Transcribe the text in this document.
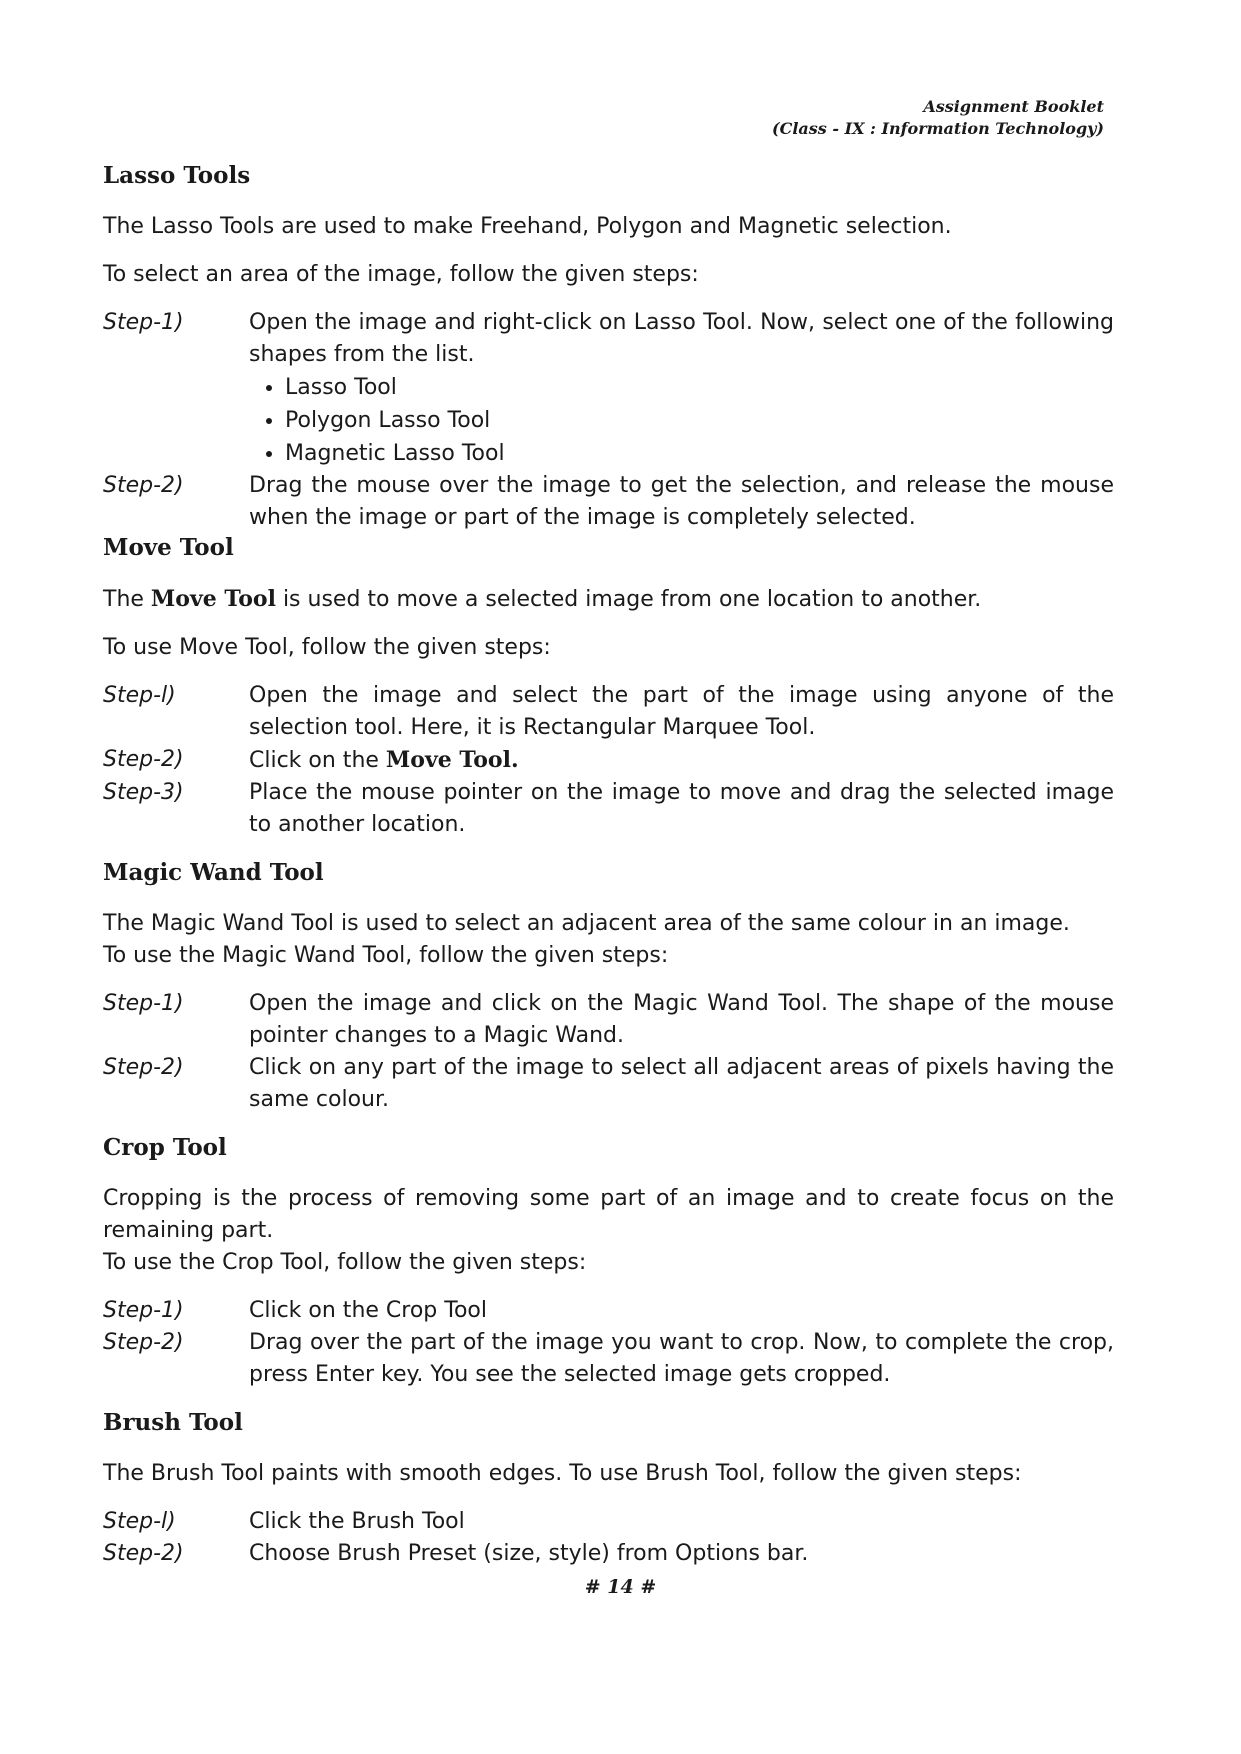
Assignment Booklet
(Class - IX : Information Technology)
Lasso Tools

The Lasso Tools are used to make Freehand, Polygon and Magnetic selection.

To select an area of the image, follow the given steps:

Step-1)	Open the image and right-click on Lasso Tool. Now, select one of the following shapes from the list.
• Lasso Tool
• Polygon Lasso Tool
• Magnetic Lasso Tool
Step-2)	Drag the mouse over the image to get the selection, and release the mouse when the image or part of the image is completely selected.
Move Tool

The Move Tool is used to move a selected image from one location to another.

To use Move Tool, follow the given steps:

Step-l)	Open the image and select the part of the image using anyone of the selection tool. Here, it is Rectangular Marquee Tool.
Step-2)	Click on the Move Tool.
Step-3)	Place the mouse pointer on the image to move and drag the selected image to another location.
Magic Wand Tool

The Magic Wand Tool is used to select an adjacent area of the same colour in an image.

To use the Magic Wand Tool, follow the given steps:

Step-1)	Open the image and click on the Magic Wand Tool. The shape of the mouse pointer changes to a Magic Wand.
Step-2)	Click on any part of the image to select all adjacent areas of pixels having the same colour.
Crop Tool

Cropping is the process of removing some part of an image and to create focus on the remaining part.

To use the Crop Tool, follow the given steps:

Step-1)	Click on the Crop Tool
Step-2)	Drag over the part of the image you want to crop. Now, to complete the crop, press Enter key. You see the selected image gets cropped.
Brush Tool

The Brush Tool paints with smooth edges. To use Brush Tool, follow the given steps:

Step-l)	Click the Brush Tool
Step-2)	Choose Brush Preset (size, style) from Options bar.
# 14 #
